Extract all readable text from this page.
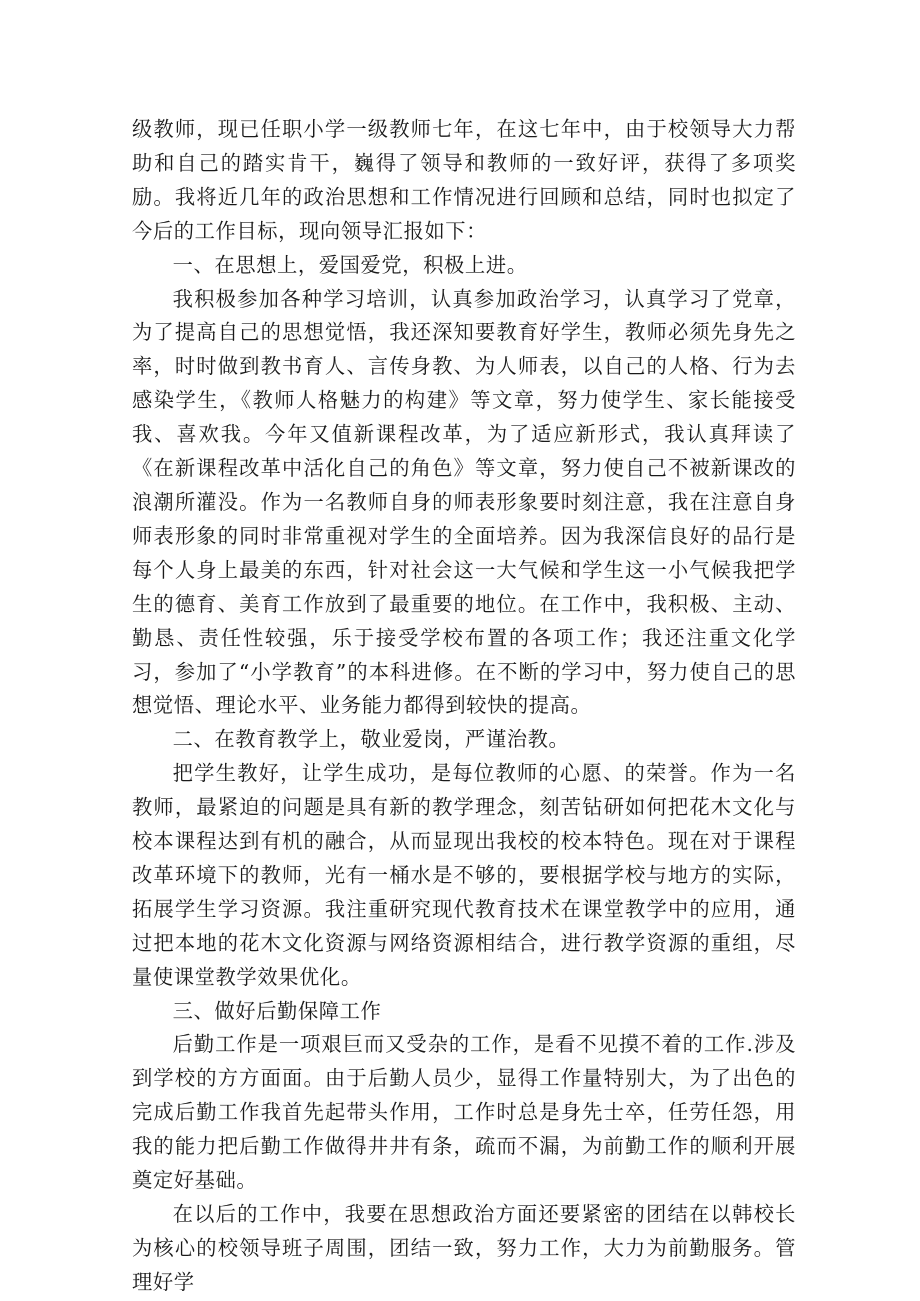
级教师，现已任职小学一级教师七年，在这七年中，由于校领导大力帮助和自己的踏实肯干，巍得了领导和教师的一致好评，获得了多项奖励。我将近几年的政治思想和工作情况进行回顾和总结，同时也拟定了今后的工作目标，现向领导汇报如下：

一、在思想上，爱国爱党，积极上进。

我积极参加各种学习培训，认真参加政治学习，认真学习了党章，为了提高自己的思想觉悟，我还深知要教育好学生，教师必须先身先之率，时时做到教书育人、言传身教、为人师表，以自己的人格、行为去感染学生，《教师人格魅力的构建》等文章，努力使学生、家长能接受我、喜欢我。今年又值新课程改革，为了适应新形式，我认真拜读了《在新课程改革中活化自己的角色》等文章，努力使自己不被新课改的浪潮所灌没。作为一名教师自身的师表形象要时刻注意，我在注意自身师表形象的同时非常重视对学生的全面培养。因为我深信良好的品行是每个人身上最美的东西，针对社会这一大气候和学生这一小气候我把学生的德育、美育工作放到了最重要的地位。在工作中，我积极、主动、勤恳、责任性较强，乐于接受学校布置的各项工作；我还注重文化学习，参加了“小学教育”的本科进修。在不断的学习中，努力使自己的思想觉悟、理论水平、业务能力都得到较快的提高。

二、在教育教学上，敬业爱岗，严谨治教。

把学生教好，让学生成功，是每位教师的心愿、的荣誉。作为一名教师，最紧迫的问题是具有新的教学理念，刻苦钻研如何把花木文化与校本课程达到有机的融合，从而显现出我校的校本特色。现在对于课程改革环境下的教师，光有一桶水是不够的，要根据学校与地方的实际，拓展学生学习资源。我注重研究现代教育技术在课堂教学中的应用，通过把本地的花木文化资源与网络资源相结合，进行教学资源的重组，尽量使课堂教学效果优化。

三、做好后勤保障工作

后勤工作是一项艰巨而又受杂的工作，是看不见摸不着的工作.涉及到学校的方方面面。由于后勤人员少，显得工作量特别大，为了出色的完成后勤工作我首先起带头作用，工作时总是身先士卒，任劳任怨，用我的能力把后勤工作做得井井有条，疏而不漏，为前勤工作的顺利开展奠定好基础。

在以后的工作中，我要在思想政治方面还要紧密的团结在以韩校长为核心的校领导班子周围，团结一致，努力工作，大力为前勤服务。管理好学
